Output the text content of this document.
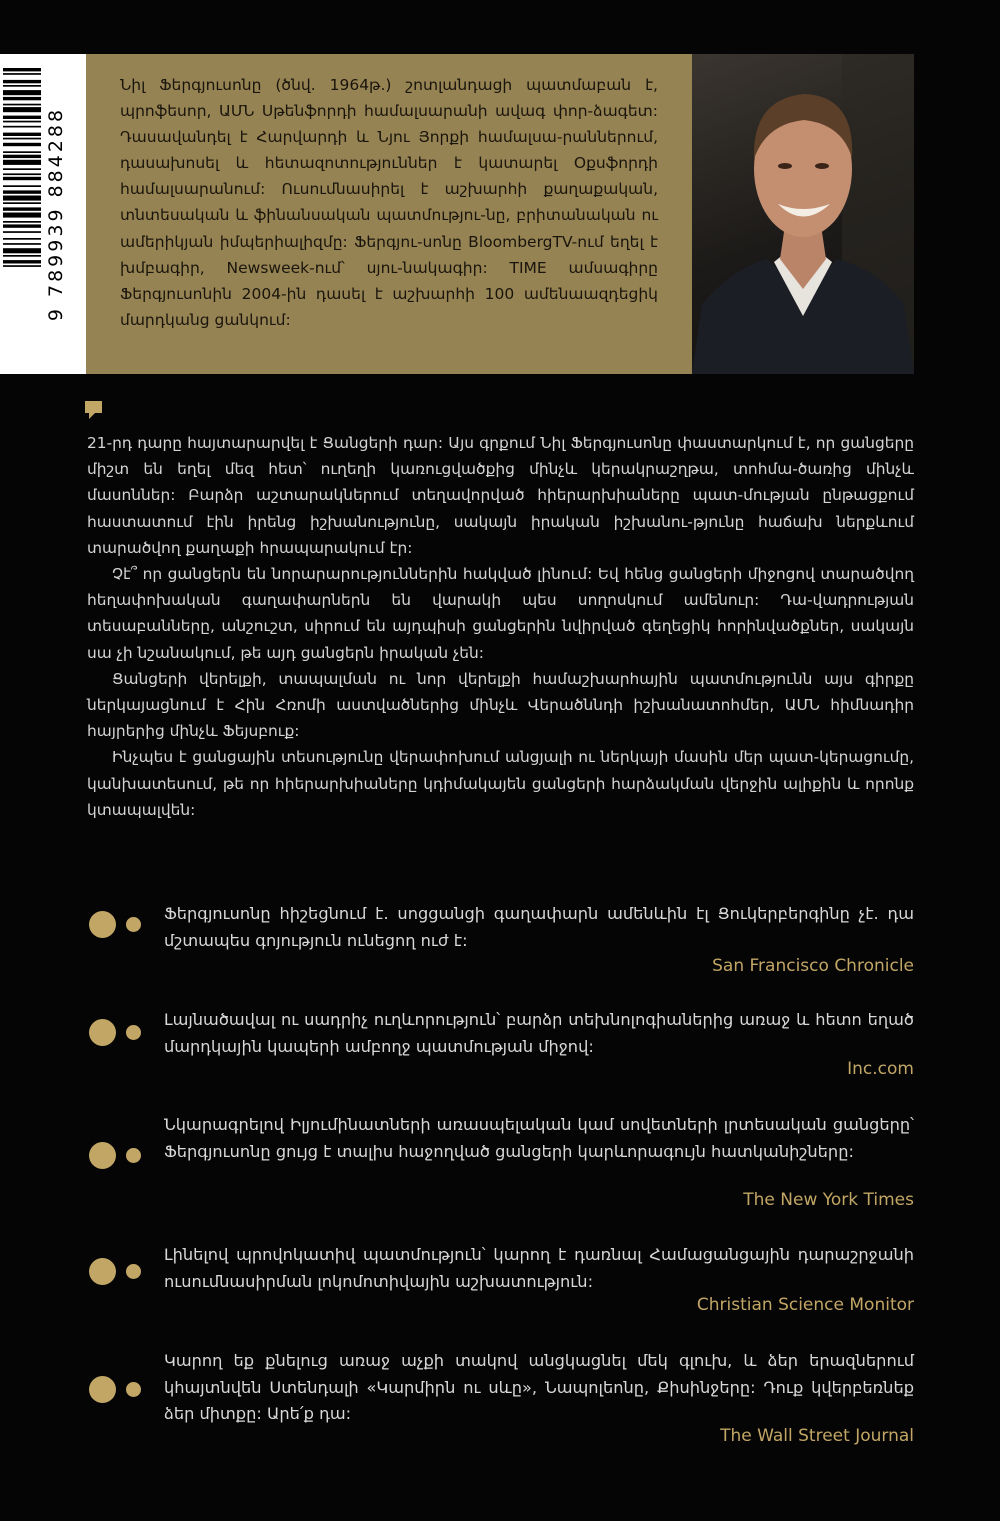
9 789939 884288
Նիլ Ֆերգյուսոնը (ծնվ. 1964թ.) շոտլանդացի պատմաբան է, պրոֆեսոր, ԱՄՆ Սթենֆորդի համալսարանի ավագ փոր-ձագետ: Դասավանդել է Հարվարդի և Նյու Յորքի համալսա-րաններում, դասախոսել և հետազոտություններ է կատարել Օքսֆորդի համալսարանում: Ուսումնասիրել է աշխարհի քաղաքական, տնտեսական և ֆինանսական պատմությու-նը, բրիտանական ու ամերիկյան իմպերիալիզմը: Ֆերգյու-սոնը BloombergTV-ում եղել է խմբագիր, Newsweek-ում՝ սյու-նակագիր: TIME ամսագիրը Ֆերգյուսոնին 2004-ին դասել է աշխարհի 100 ամենաազդեցիկ մարդկանց ցանկում:

21-րդ դարը հայտարարվել է Ցանցերի դար: Այս գրքում Նիլ Ֆերգյուսոնը փաստարկում է, որ ցանցերը միշտ են եղել մեզ հետ՝ ուղեղի կառուցվածքից մինչև կերակրաշղթա, տոհմա-ծառից մինչև մասոններ: Բարձր աշտարակներում տեղավորված հիերարխիաները պատ-մության ընթացքում հաստատում էին իրենց իշխանությունը, սակայն իրական իշխանու-թյունը հաճախ ներքևում տարածվող քաղաքի հրապարակում էր:

Չէ՞ որ ցանցերն են նորարարություններին հակված լինում: Եվ հենց ցանցերի միջոցով տարածվող հեղափոխական գաղափարներն են վարակի պես սողոսկում ամենուր: Դա-վադրության տեսաբանները, անշուշտ, սիրում են այդպիսի ցանցերին նվիրված գեղեցիկ հորինվածքներ, սակայն սա չի նշանակում, թե այդ ցանցերն իրական չեն:

Ցանցերի վերելքի, տապալման ու նոր վերելքի համաշխարհային պատմությունն այս գիրքը ներկայացնում է Հին Հռոմի աստվածներից մինչև Վերածննդի իշխանատոհմեր, ԱՄՆ հիմնադիր հայրերից մինչև Ֆեյսբուք:

Ինչպես է ցանցային տեսությունը վերափոխում անցյալի ու ներկայի մասին մեր պատ-կերացումը, կանխատեսում, թե որ հիերարխիաները կդիմակայեն ցանցերի հարձակման վերջին ալիքին և որոնք կտապալվեն:

Ֆերգյուսոնը հիշեցնում է. սոցցանցի գաղափարն ամենևին էլ Ցուկերբերգինը չէ. դա մշտապես գոյություն ունեցող ուժ է:
San Francisco Chronicle
Լայնածավալ ու սադրիչ ուղևորություն՝ բարձր տեխնոլոգիաներից առաջ և հետո եղած մարդկային կապերի ամբողջ պատմության միջով:
Inc.com
Նկարագրելով Իլյումինատների առասպելական կամ սովետների լրտեսական ցանցերը՝ Ֆերգյուսոնը ցույց է տալիս հաջողված ցանցերի կարևորագույն հատկանիշները:
The New York Times
Լինելով պրովոկատիվ պատմություն՝ կարող է դառնալ Համացանցային դարաշրջանի ուսումնասիրման լոկոմոտիվային աշխատություն:
Christian Science Monitor
Կարող եք քնելուց առաջ աչքի տակով անցկացնել մեկ գլուխ, և ձեր երազներում կհայտնվեն Ստենդալի «Կարմիրն ու սևը», Նապոլեոնը, Քիսինջերը: Դուք կվերբեռնեք ձեր միտքը: Արե՛ք դա:
The Wall Street Journal
